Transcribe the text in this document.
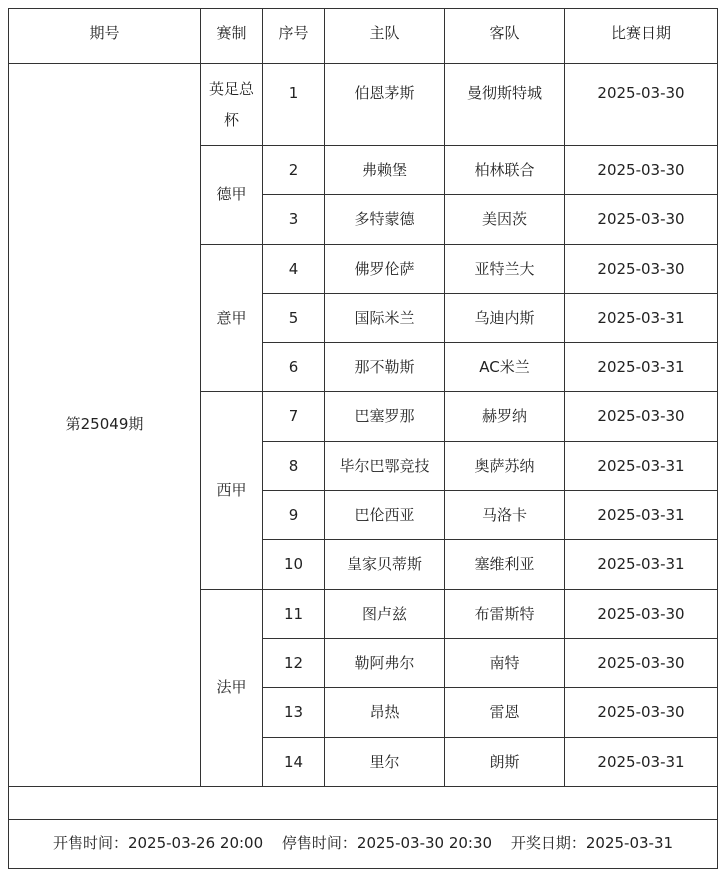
期号	赛制	序号	主队	客队	比赛日期
第25049期	英足总杯	1	伯恩茅斯	曼彻斯特城	2025-03-30
	德甲	2	弗赖堡	柏林联合	2025-03-30
		3	多特蒙德	美因茨	2025-03-30
	意甲	4	佛罗伦萨	亚特兰大	2025-03-30
		5	国际米兰	乌迪内斯	2025-03-31
		6	那不勒斯	AC米兰	2025-03-31
	西甲	7	巴塞罗那	赫罗纳	2025-03-30
		8	毕尔巴鄂竞技	奥萨苏纳	2025-03-31
		9	巴伦西亚	马洛卡	2025-03-31
		10	皇家贝蒂斯	塞维利亚	2025-03-31
	法甲	11	图卢兹	布雷斯特	2025-03-30
		12	勒阿弗尔	南特	2025-03-30
		13	昂热	雷恩	2025-03-30
		14	里尔	朗斯	2025-03-31

开售时间：2025-03-26 20:00 停售时间：2025-03-30 20:30 开奖日期：2025-03-31					
